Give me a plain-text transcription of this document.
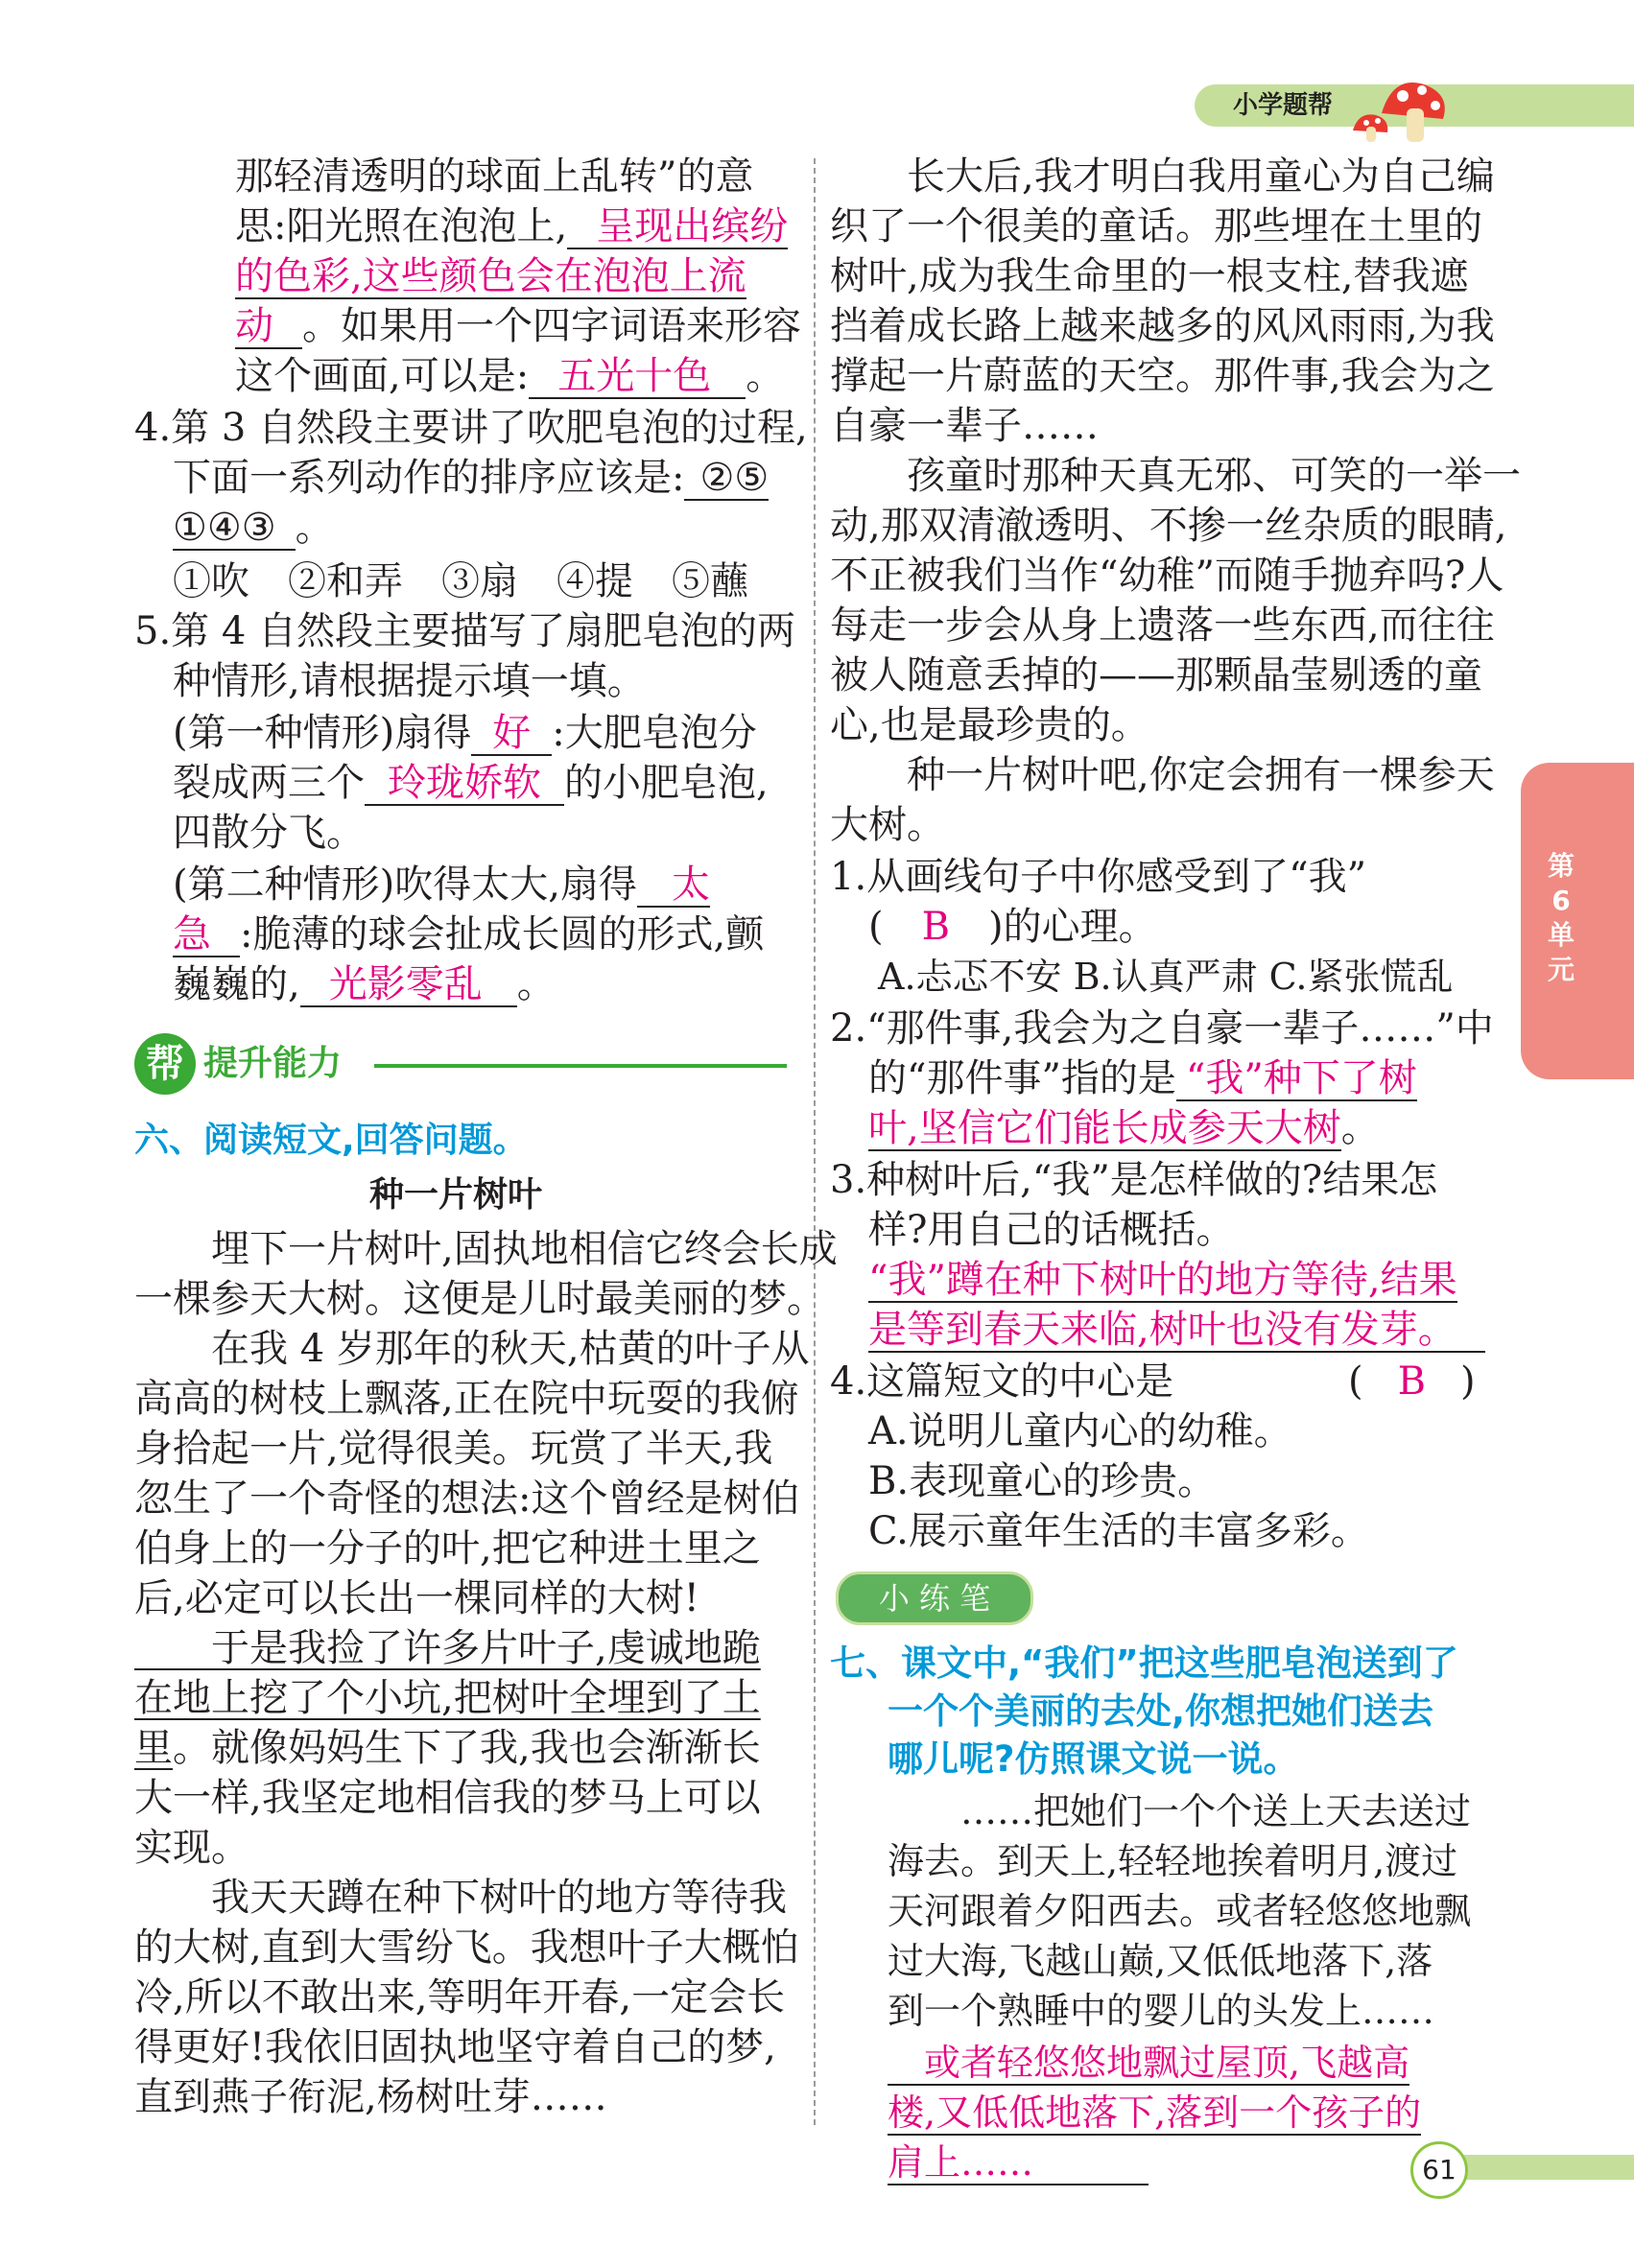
小学题帮
第6
单元
那轻清透明的球面上乱转”的意
思:阳光照在泡泡上, 呈现出缤纷
的色彩,这些颜色会在泡泡上流
动 。如果用一个四字词语来形容
这个画面,可以是: 五光十色 。
4.第 3 自然段主要讲了吹肥皂泡的过程,
下面一系列动作的排序应该是: ②⑤
①④③ 。
①吹　②和弄　③扇　④提　⑤蘸
5.第 4 自然段主要描写了扇肥皂泡的两
种情形,请根据提示填一填。
(第一种情形)扇得 好 :大肥皂泡分
裂成两三个 玲珑娇软 的小肥皂泡,
四散分飞。
(第二种情形)吹得太大,扇得 太
急 :脆薄的球会扯成长圆的形式,颤
巍巍的, 光影零乱 。
帮 提升能力
六、阅读短文,回答问题。
种一片树叶
　　埋下一片树叶,固执地相信它终会长成
一棵参天大树。这便是儿时最美丽的梦。
　　在我 4 岁那年的秋天,枯黄的叶子从
高高的树枝上飘落,正在院中玩耍的我俯
身拾起一片,觉得很美。玩赏了半天,我
忽生了一个奇怪的想法:这个曾经是树伯
伯身上的一分子的叶,把它种进土里之
后,必定可以长出一棵同样的大树!
　　于是我捡了许多片叶子,虔诚地跪
在地上挖了个小坑,把树叶全埋到了土
里。就像妈妈生下了我,我也会渐渐长
大一样,我坚定地相信我的梦马上可以
实现。
　　我天天蹲在种下树叶的地方等待我
的大树,直到大雪纷飞。我想叶子大概怕
冷,所以不敢出来,等明年开春,一定会长
得更好!我依旧固执地坚守着自己的梦,
直到燕子衔泥,杨树吐芽……
　　长大后,我才明白我用童心为自己编
织了一个很美的童话。那些埋在土里的
树叶,成为我生命里的一根支柱,替我遮
挡着成长路上越来越多的风风雨雨,为我
撑起一片蔚蓝的天空。那件事,我会为之
自豪一辈子……
　　孩童时那种天真无邪、可笑的一举一
动,那双清澈透明、不掺一丝杂质的眼睛,
不正被我们当作“幼稚”而随手抛弃吗?人
每走一步会从身上遗落一些东西,而往往
被人随意丢掉的——那颗晶莹剔透的童
心,也是最珍贵的。
　　种一片树叶吧,你定会拥有一棵参天
大树。
1.从画线句子中你感受到了“我”
( B )的心理。
A.忐忑不安 B.认真严肃 C.紧张慌乱
2.“那件事,我会为之自豪一辈子……”中
的“那件事”指的是 “我”种下了树
叶,坚信它们能长成参天大树。
3.种树叶后,“我”是怎样做的?结果怎
样?用自己的话概括。
“我”蹲在种下树叶的地方等待,结果
是等到春天来临,树叶也没有发芽。
4.这篇短文的中心是	( B )
A.说明儿童内心的幼稚。
B.表现童心的珍贵。
C.展示童年生活的丰富多彩。
小 练 笔
七、课文中,“我们”把这些肥皂泡送到了
一个个美丽的去处,你想把她们送去
哪儿呢?仿照课文说一说。
　　……把她们一个个送上天去送过
海去。到天上,轻轻地挨着明月,渡过
天河跟着夕阳西去。或者轻悠悠地飘
过大海,飞越山巅,又低低地落下,落
到一个熟睡中的婴儿的头发上……
　或者轻悠悠地飘过屋顶,飞越高
楼,又低低地落下,落到一个孩子的
肩上……	61
